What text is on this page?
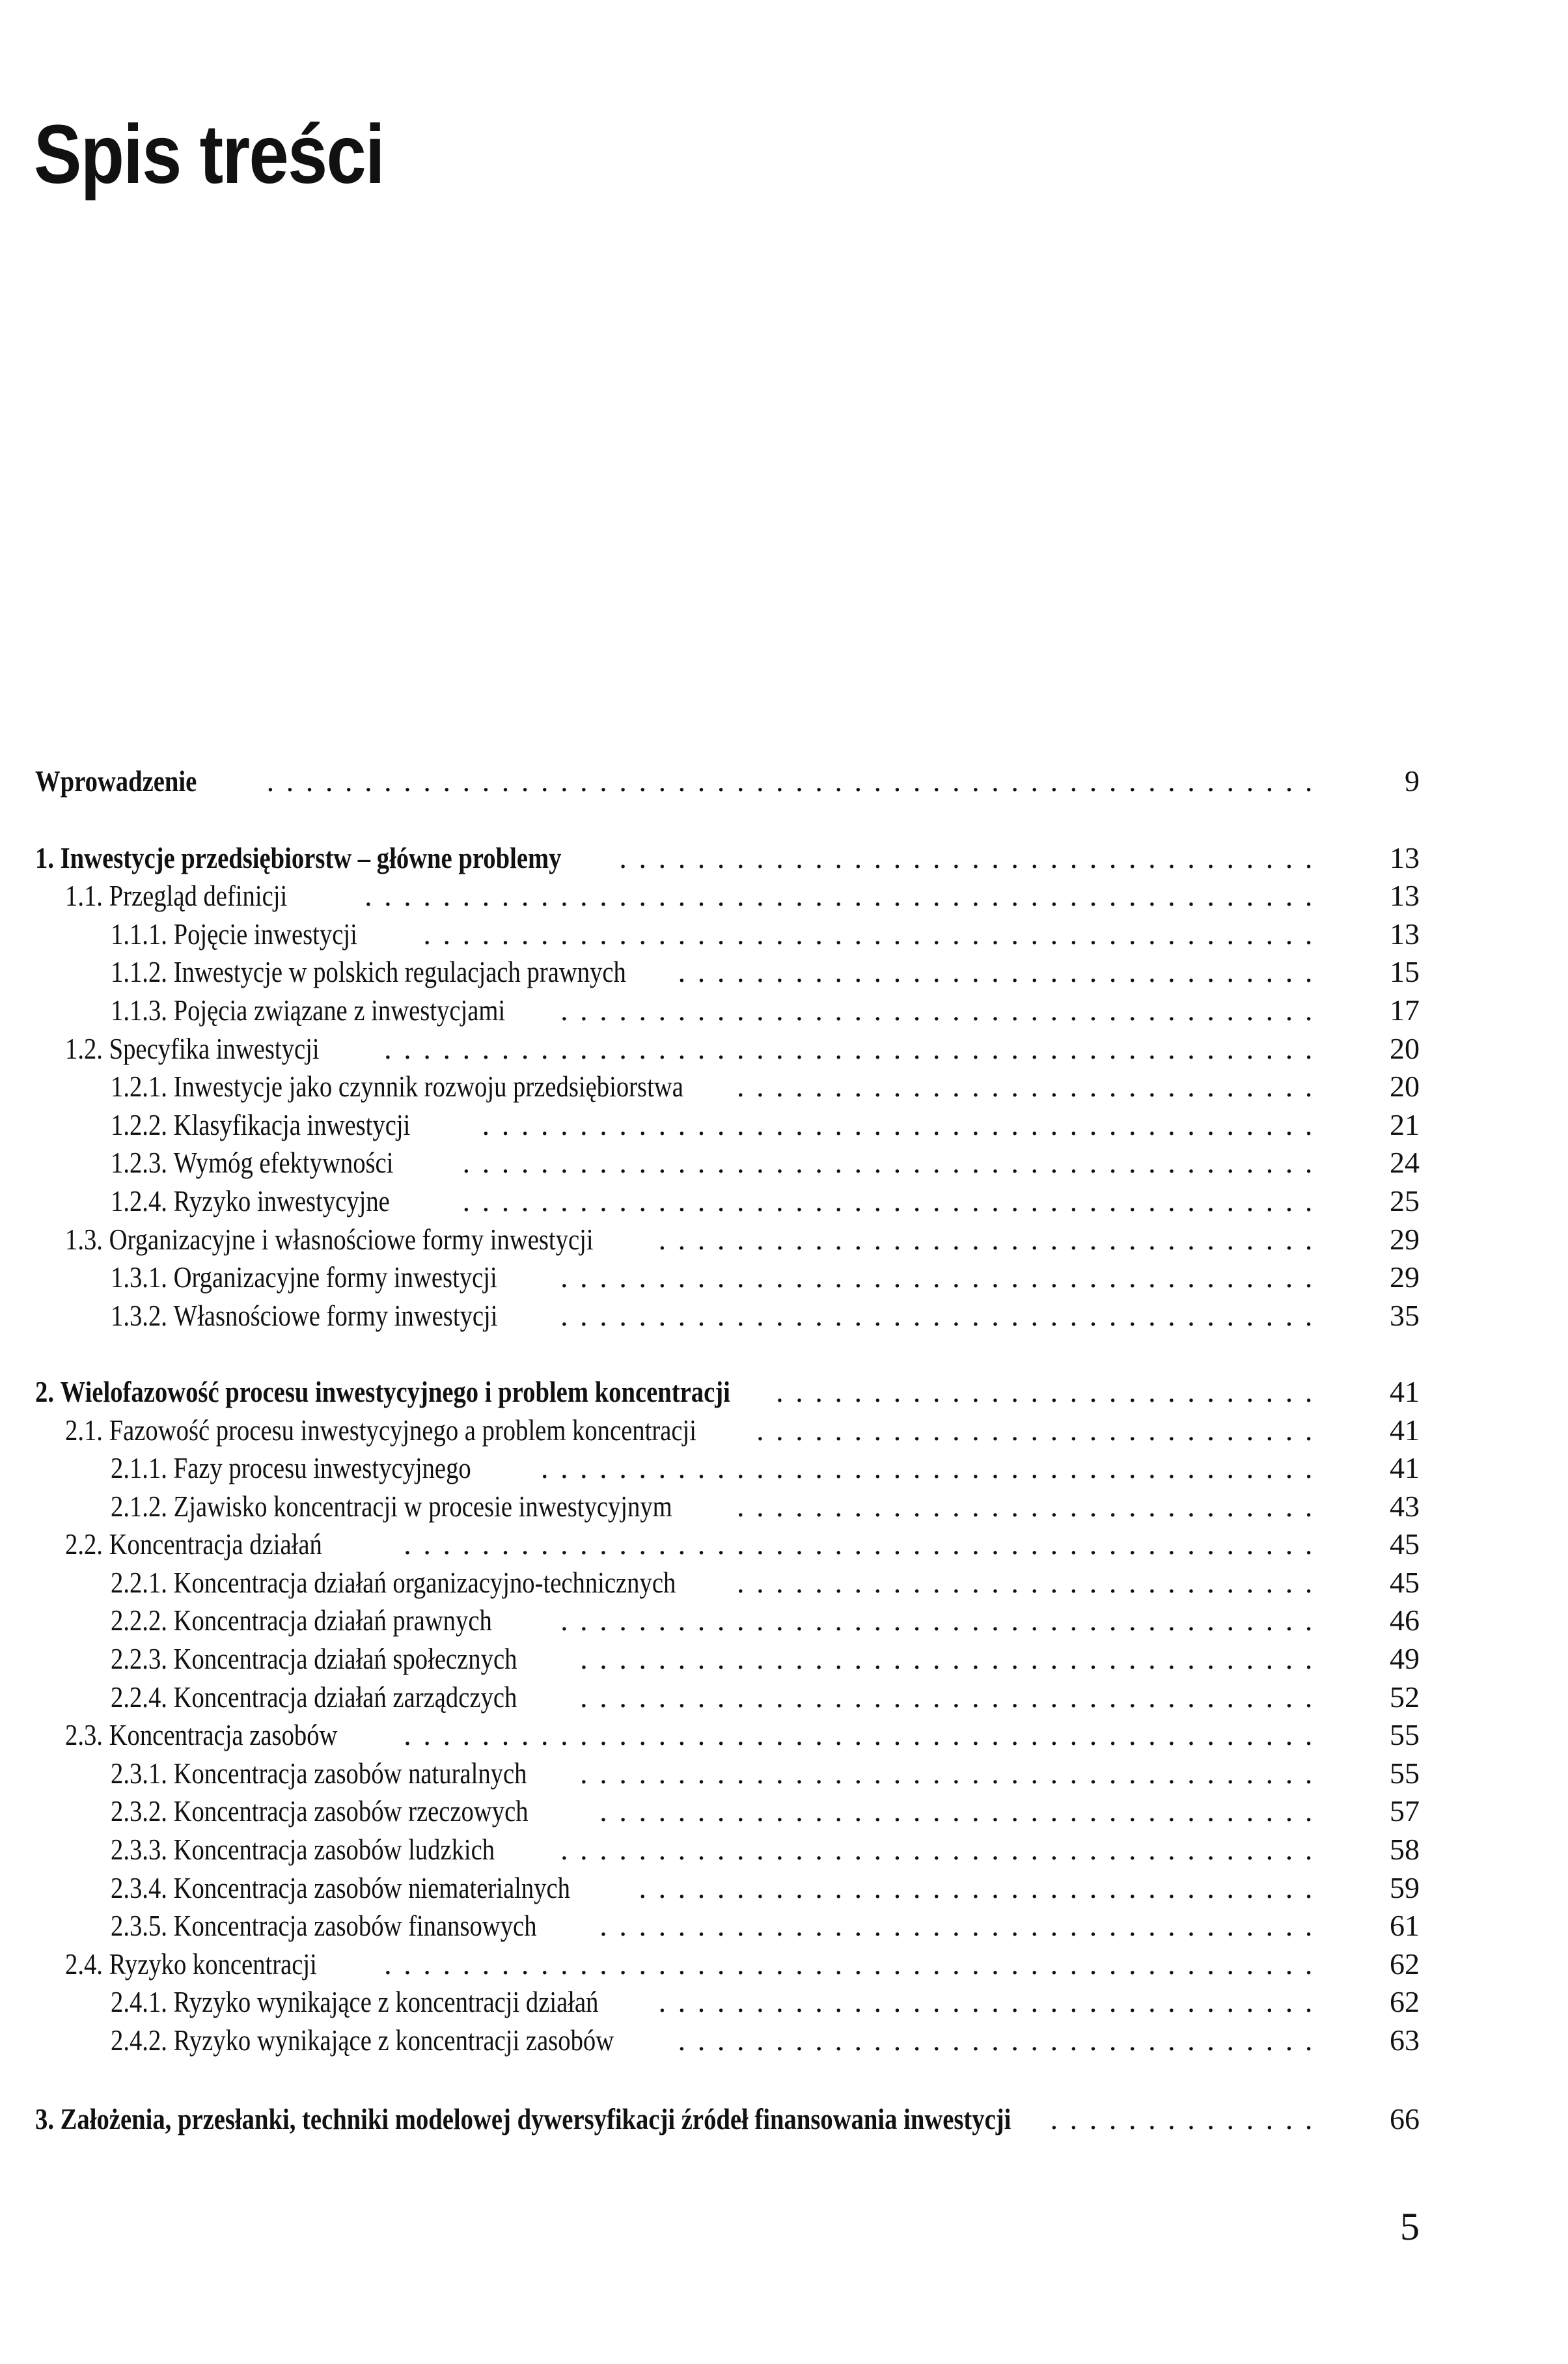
Spis treści
Wprowadzenie	......................................................	9
1. Inwestycje przedsiębiorstw – główne problemy	....................................	13
1.1. Przegląd definicji	.................................................	13
1.1.1. Pojęcie inwestycji	..............................................	13
1.1.2. Inwestycje w polskich regulacjach prawnych	.................................	15
1.1.3. Pojęcia związane z inwestycjami	.......................................	17
1.2. Specyfika inwestycji	................................................	20
1.2.1. Inwestycje jako czynnik rozwoju przedsiębiorstwa	..............................	20
1.2.2. Klasyfikacja inwestycji	...........................................	21
1.2.3. Wymóg efektywności	............................................	24
1.2.4. Ryzyko inwestycyjne	............................................	25
1.3. Organizacyjne i własnościowe formy inwestycji	..................................	29
1.3.1. Organizacyjne formy inwestycji	.......................................	29
1.3.2. Własnościowe formy inwestycji	.......................................	35
2. Wielofazowość procesu inwestycyjnego i problem koncentracji	............................	41
2.1. Fazowość procesu inwestycyjnego a problem koncentracji	.............................	41
2.1.1. Fazy procesu inwestycyjnego	........................................	41
2.1.2. Zjawisko koncentracji w procesie inwestycyjnym	..............................	43
2.2. Koncentracja działań	...............................................	45
2.2.1. Koncentracja działań organizacyjno-technicznych	..............................	45
2.2.2. Koncentracja działań prawnych	.......................................	46
2.2.3. Koncentracja działań społecznych	......................................	49
2.2.4. Koncentracja działań zarządczych	......................................	52
2.3. Koncentracja zasobów	...............................................	55
2.3.1. Koncentracja zasobów naturalnych	......................................	55
2.3.2. Koncentracja zasobów rzeczowych	.....................................	57
2.3.3. Koncentracja zasobów ludzkich	.......................................	58
2.3.4. Koncentracja zasobów niematerialnych	...................................	59
2.3.5. Koncentracja zasobów finansowych	.....................................	61
2.4. Ryzyko koncentracji	................................................	62
2.4.1. Ryzyko wynikające z koncentracji działań	..................................	62
2.4.2. Ryzyko wynikające z koncentracji zasobów	.................................	63
3. Założenia, przesłanki, techniki modelowej dywersyfikacji źródeł finansowania inwestycji	..............	66
5
